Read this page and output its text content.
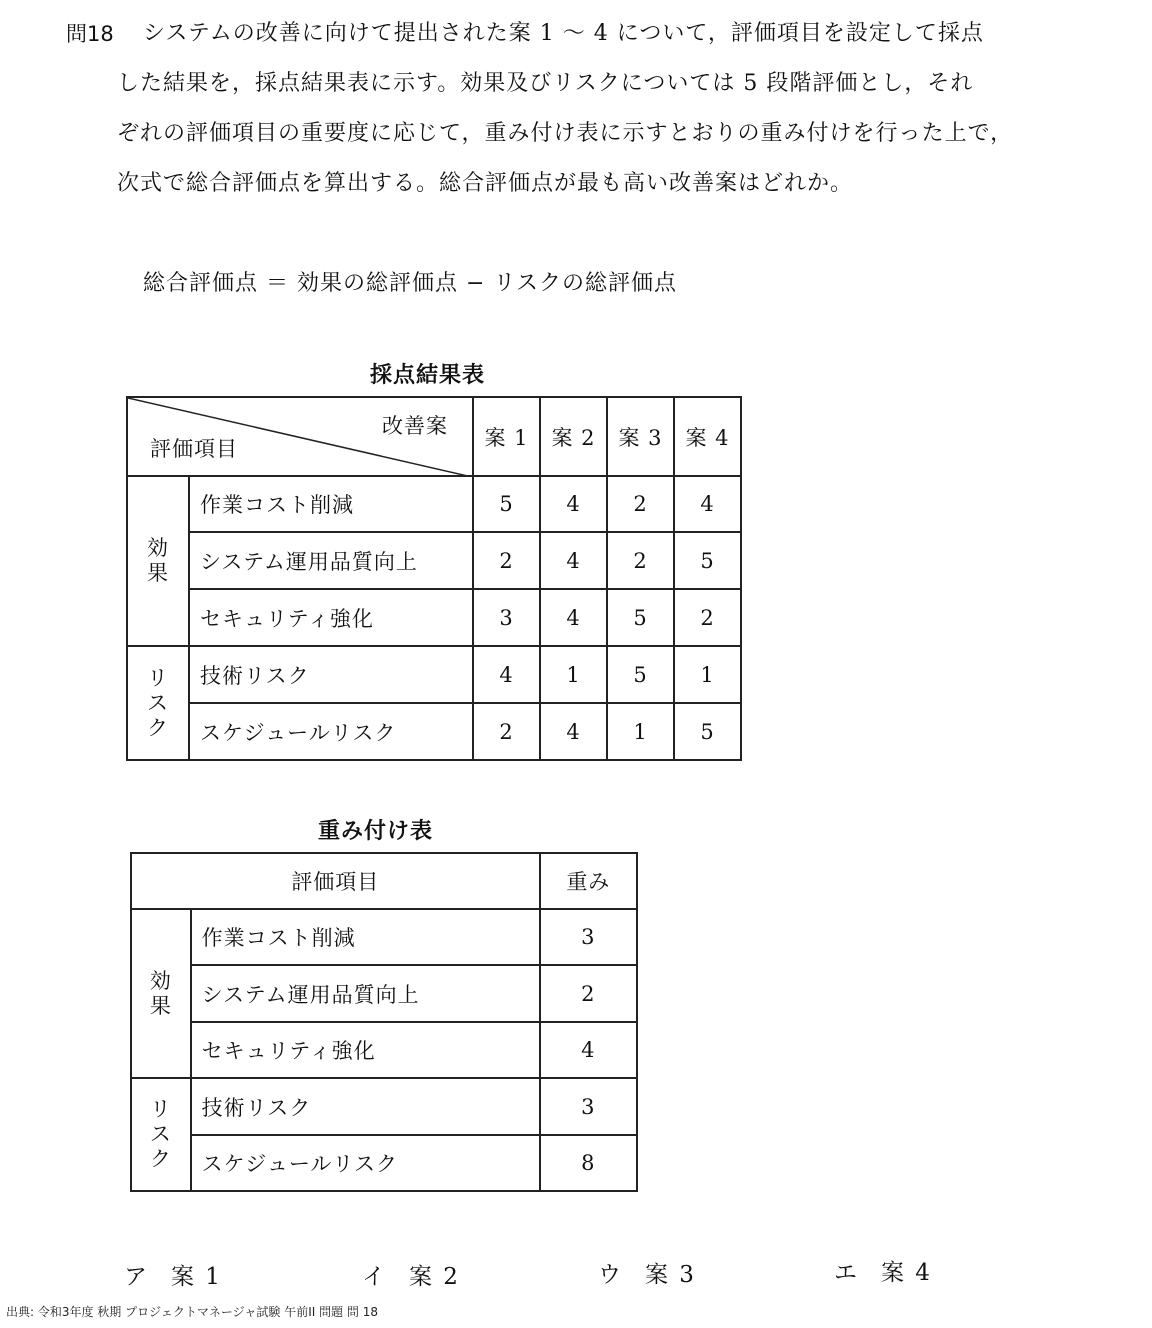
問18 システムの改善に向けて提出された案 1 〜 4 について，評価項目を設定して採点
した結果を，採点結果表に示す。効果及びリスクについては 5 段階評価とし，それ
ぞれの評価項目の重要度に応じて，重み付け表に示すとおりの重み付けを行った上で，
次式で総合評価点を算出する。総合評価点が最も高い改善案はどれか。
総合評価点 ＝ 効果の総評価点 − リスクの総評価点
採点結果表
改善案
評価項目		案 1	案 2	案 3	案 4
効果	作業コスト削減	5	4	2	4
	システム運用品質向上	2	4	2	5
	セキュリティ強化	3	4	5	2
リスク	技術リスク	4	1	5	1
	スケジュールリスク	2	4	1	5
重み付け表
評価項目		重み
効果	作業コスト削減	3
	システム運用品質向上	2
	セキュリティ強化	4
リスク	技術リスク	3
	スケジュールリスク	8
ア 案 1	イ 案 2	ウ 案 3	エ 案 4
出典: 令和3年度 秋期 プロジェクトマネージャ試験 午前II 問題 問 18
